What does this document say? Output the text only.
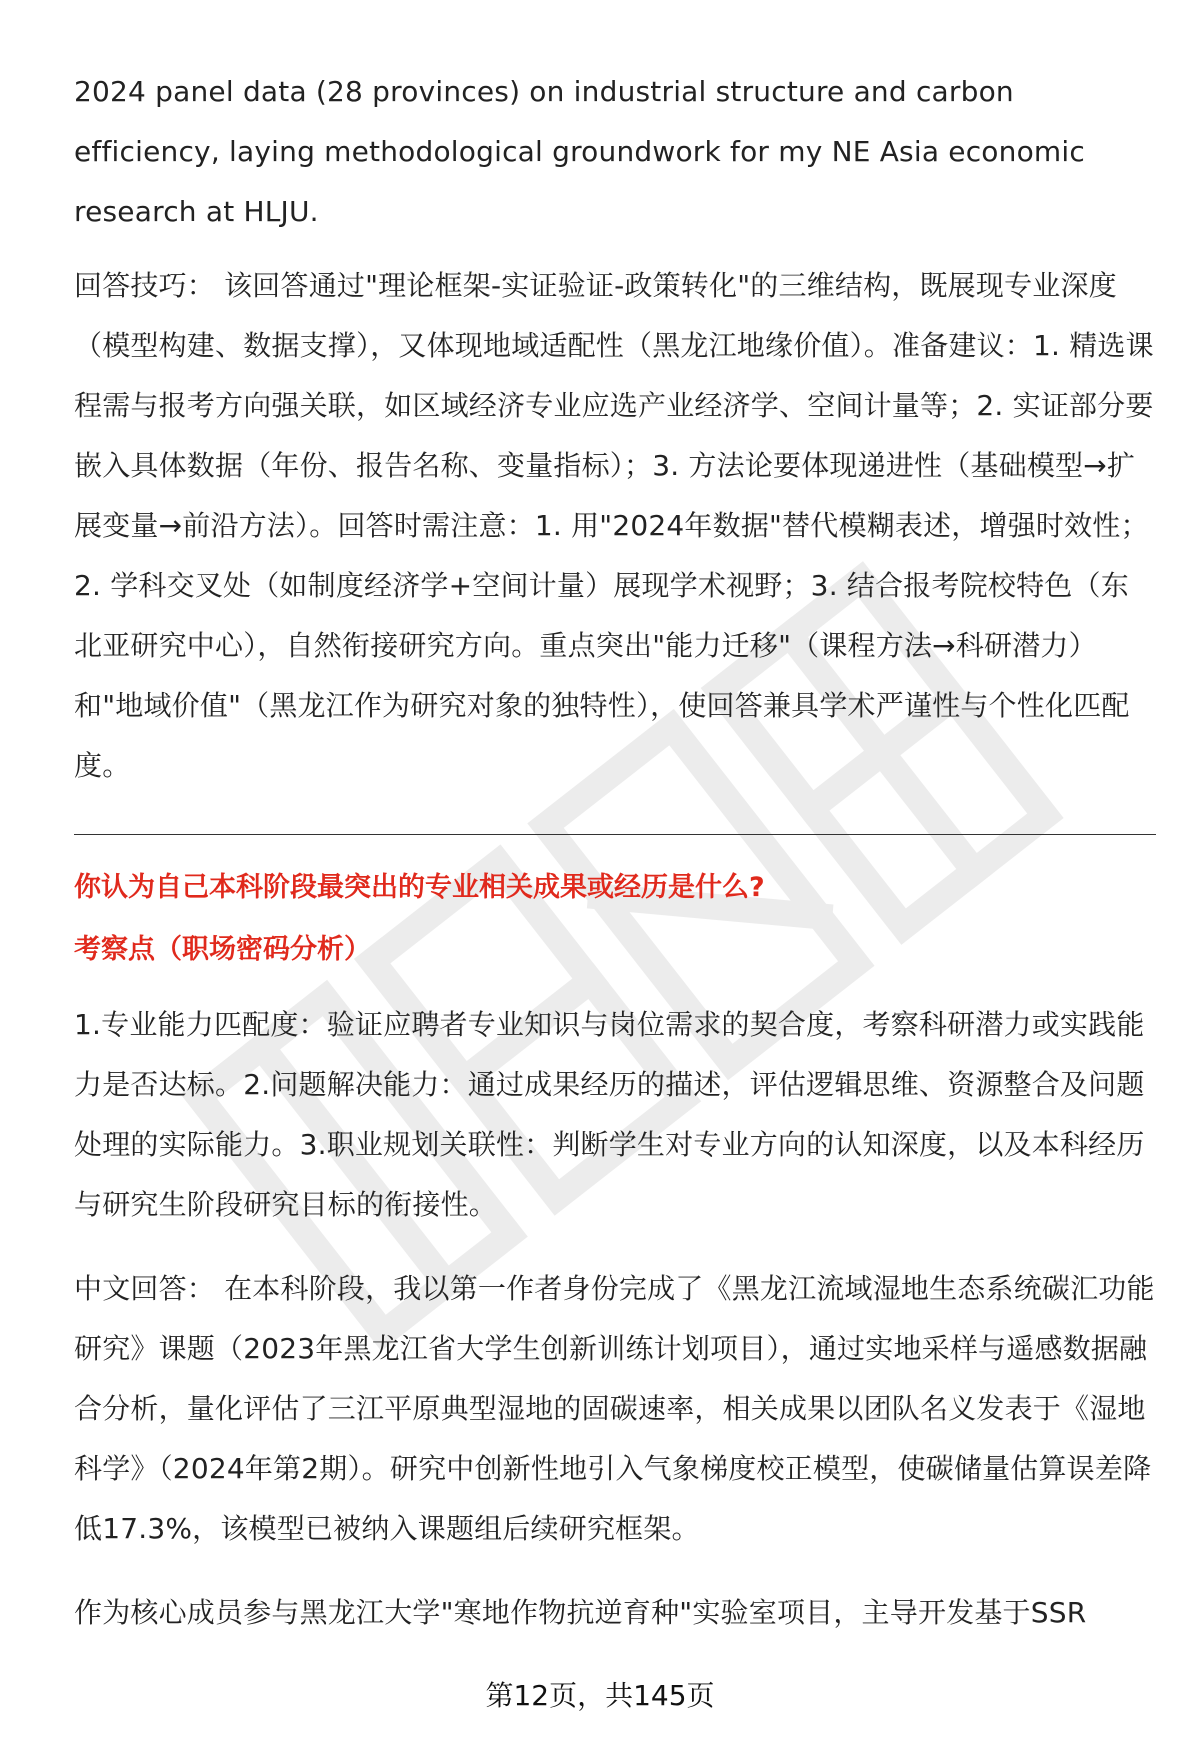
2024 panel data (28 provinces) on industrial structure and carbon efficiency, laying methodological groundwork for my NE Asia economic research at HLJU.

回答技巧： 该回答通过"理论框架-实证验证-政策转化"的三维结构，既展现专业深度（模型构建、数据支撑），又体现地域适配性（黑龙江地缘价值）。准备建议：1. 精选课程需与报考方向强关联，如区域经济专业应选产业经济学、空间计量等；2. 实证部分要嵌入具体数据（年份、报告名称、变量指标）；3. 方法论要体现递进性（基础模型→扩展变量→前沿方法）。回答时需注意：1. 用"2024年数据"替代模糊表述，增强时效性；2. 学科交叉处（如制度经济学+空间计量）展现学术视野；3. 结合报考院校特色（东北亚研究中心），自然衔接研究方向。重点突出"能力迁移"（课程方法→科研潜力）和"地域价值"（黑龙江作为研究对象的独特性），使回答兼具学术严谨性与个性化匹配度。

你认为自己本科阶段最突出的专业相关成果或经历是什么?

考察点（职场密码分析）

1.专业能力匹配度：验证应聘者专业知识与岗位需求的契合度，考察科研潜力或实践能力是否达标。2.问题解决能力：通过成果经历的描述，评估逻辑思维、资源整合及问题处理的实际能力。3.职业规划关联性：判断学生对专业方向的认知深度，以及本科经历与研究生阶段研究目标的衔接性。

中文回答： 在本科阶段，我以第一作者身份完成了《黑龙江流域湿地生态系统碳汇功能研究》课题（2023年黑龙江省大学生创新训练计划项目），通过实地采样与遥感数据融合分析，量化评估了三江平原典型湿地的固碳速率，相关成果以团队名义发表于《湿地科学》（2024年第2期）。研究中创新性地引入气象梯度校正模型，使碳储量估算误差降低17.3%，该模型已被纳入课题组后续研究框架。

作为核心成员参与黑龙江大学"寒地作物抗逆育种"实验室项目，主导开发基于SSR

第12页，共145页
